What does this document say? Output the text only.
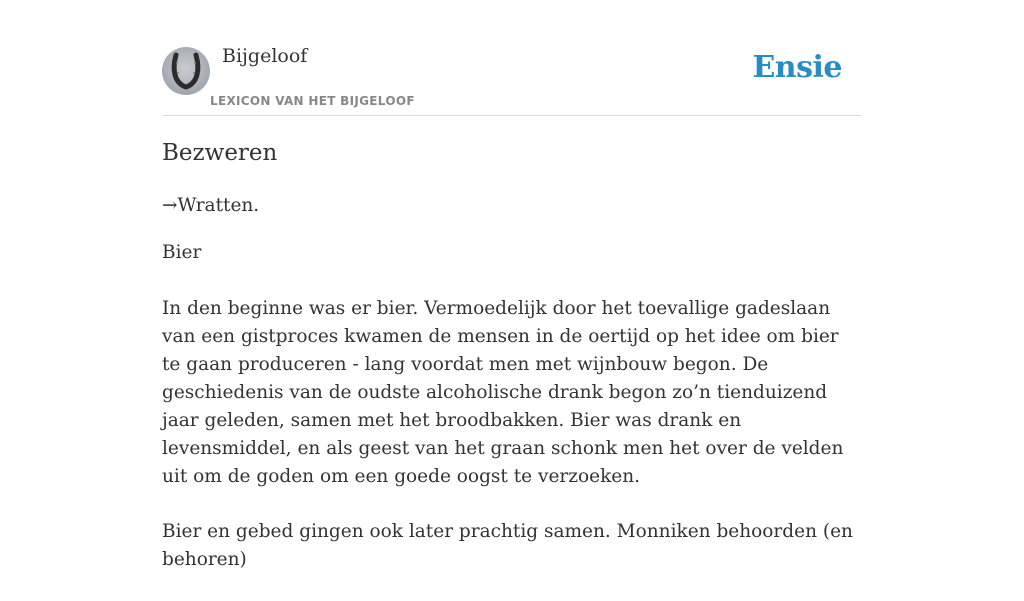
Bijgeloof
LEXICON VAN HET BIJGELOOF
Ensie
Bezweren

→Wratten.

Bier

In den beginne was er bier. Vermoedelijk door het toevallige gadeslaan van een gistproces kwamen de mensen in de oertijd op het idee om bier te gaan produceren - lang voordat men met wijnbouw begon. De geschiedenis van de oudste alcoholische drank begon zo’n tienduizend jaar geleden, samen met het broodbakken. Bier was drank en levensmiddel, en als geest van het graan schonk men het over de velden uit om de goden om een goede oogst te verzoeken.

Bier en gebed gingen ook later prachtig samen. Monniken behoorden (en behoren)
